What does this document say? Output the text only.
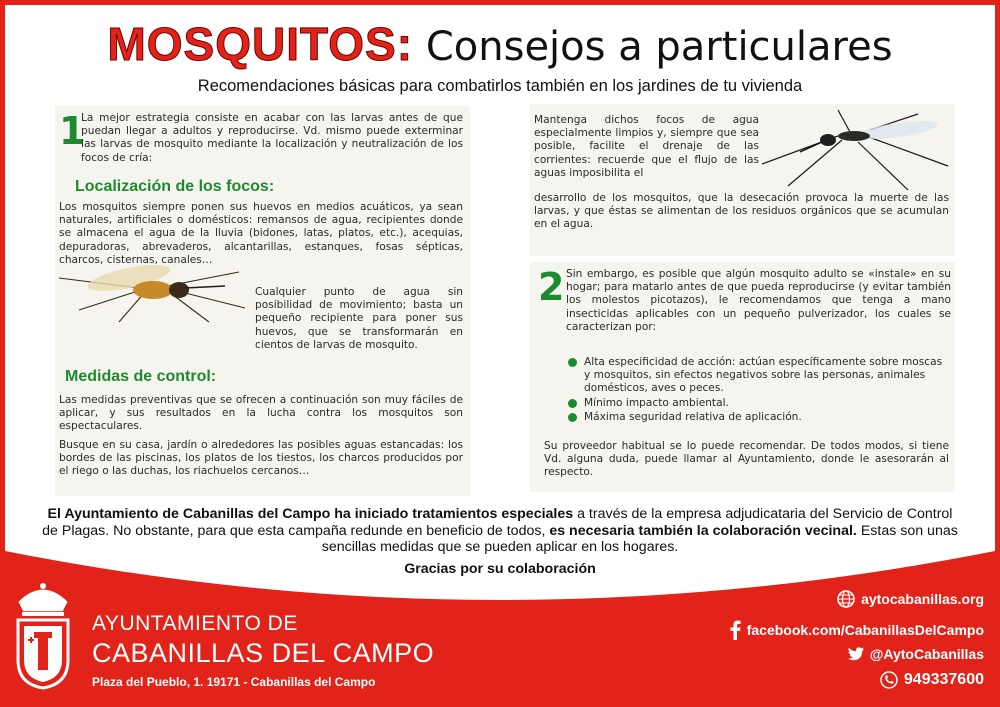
MOSQUITOS: Consejos a particulares
Recomendaciones básicas para combatirlos también en los jardines de tu vivienda
1

La mejor estrategia consiste en acabar con las larvas antes de que puedan llegar a adultos y reproducirse. Vd. mismo puede exterminar las larvas de mosquito mediante la localización y neutralización de los focos de cría:

Localización de los focos:

Los mosquitos siempre ponen sus huevos en medios acuáticos, ya sean naturales, artificiales o domésticos: remansos de agua, recipientes donde se almacena el agua de la lluvia (bidones, latas, platos, etc.), acequias, depuradoras, abrevaderos, alcantarillas, estanques, fosas sépticas, charcos, cisternas, canales…

Cualquier punto de agua sin posibilidad de movimiento; basta un pequeño recipiente para poner sus huevos, que se transformarán en cientos de larvas de mosquito.

Medidas de control:

Las medidas preventivas que se ofrecen a continuación son muy fáciles de aplicar, y sus resultados en la lucha contra los mosquitos son espectaculares.

Busque en su casa, jardín o alrededores las posibles aguas estancadas: los bordes de las piscinas, los platos de los tiestos, los charcos producidos por el riego o las duchas, los riachuelos cercanos…

Mantenga dichos focos de agua especialmente limpios y, siempre que sea posible, facilite el drenaje de las corrientes: recuerde que el flujo de las aguas imposibilita el

desarrollo de los mosquitos, que la desecación provoca la muerte de las larvas, y que éstas se alimentan de los residuos orgánicos que se acumulan en el agua.

2 Sin embargo, es posible que algún mosquito adulto se «instale» en su hogar; para matarlo antes de que pueda reproducirse (y evitar también los molestos picotazos), le recomendamos que tenga a mano insecticidas aplicables con un pequeño pulverizador, los cuales se caracterizan por:

Alta especificidad de acción: actúan específicamente sobre moscas y mosquitos, sin efectos negativos sobre las personas, animales domésticos, aves o peces.
Mínimo impacto ambiental.
Máxima seguridad relativa de aplicación.

Su proveedor habitual se lo puede recomendar. De todos modos, si tiene Vd. alguna duda, puede llamar al Ayuntamiento, donde le asesorarán al respecto.

El Ayuntamiento de Cabanillas del Campo ha iniciado tratamientos especiales a través de la empresa adjudicataria del Servicio de Control de Plagas. No obstante, para que esta campaña redunde en beneficio de todos, es necesaria también la colaboración vecinal. Estas son unas sencillas medidas que se pueden aplicar en los hogares.
Gracias por su colaboración
AYUNTAMIENTO DE
CABANILLAS DEL CAMPO
Plaza del Pueblo, 1. 19171 - Cabanillas del Campo
aytocabanillas.org
facebook.com/CabanillasDelCampo
@AytoCabanillas
949337600
